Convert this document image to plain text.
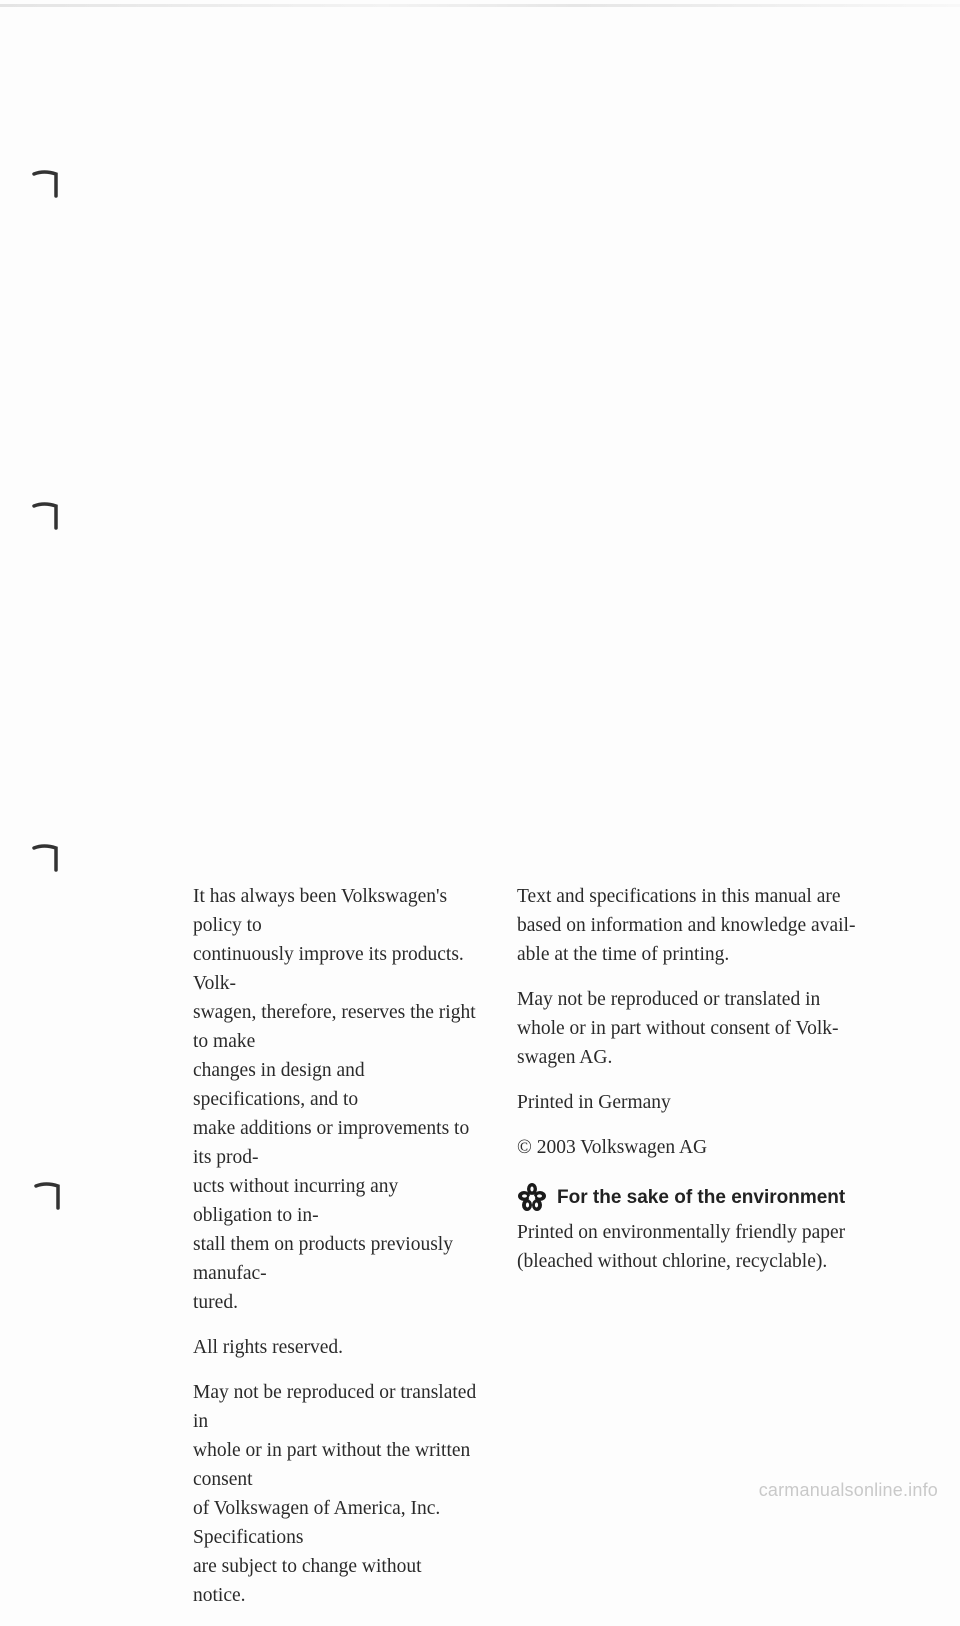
It has always been Volkswagen's policy to
continuously improve its products. Volk-
swagen, therefore, reserves the right to make
changes in design and specifications, and to
make additions or improvements to its prod-
ucts without incurring any obligation to in-
stall them on products previously manufac-
tured.

All rights reserved.

May not be reproduced or translated in
whole or in part without the written consent
of Volkswagen of America, Inc. Specifications
are subject to change without notice.

Text and specifications in this manual are
based on information and knowledge avail-
able at the time of printing.

May not be reproduced or translated in
whole or in part without consent of Volk-
swagen AG.

Printed in Germany

© 2003 Volkswagen AG

For the sake of the environment

Printed on environmentally friendly paper
(bleached without chlorine, recyclable).

carmanualsonline.info
